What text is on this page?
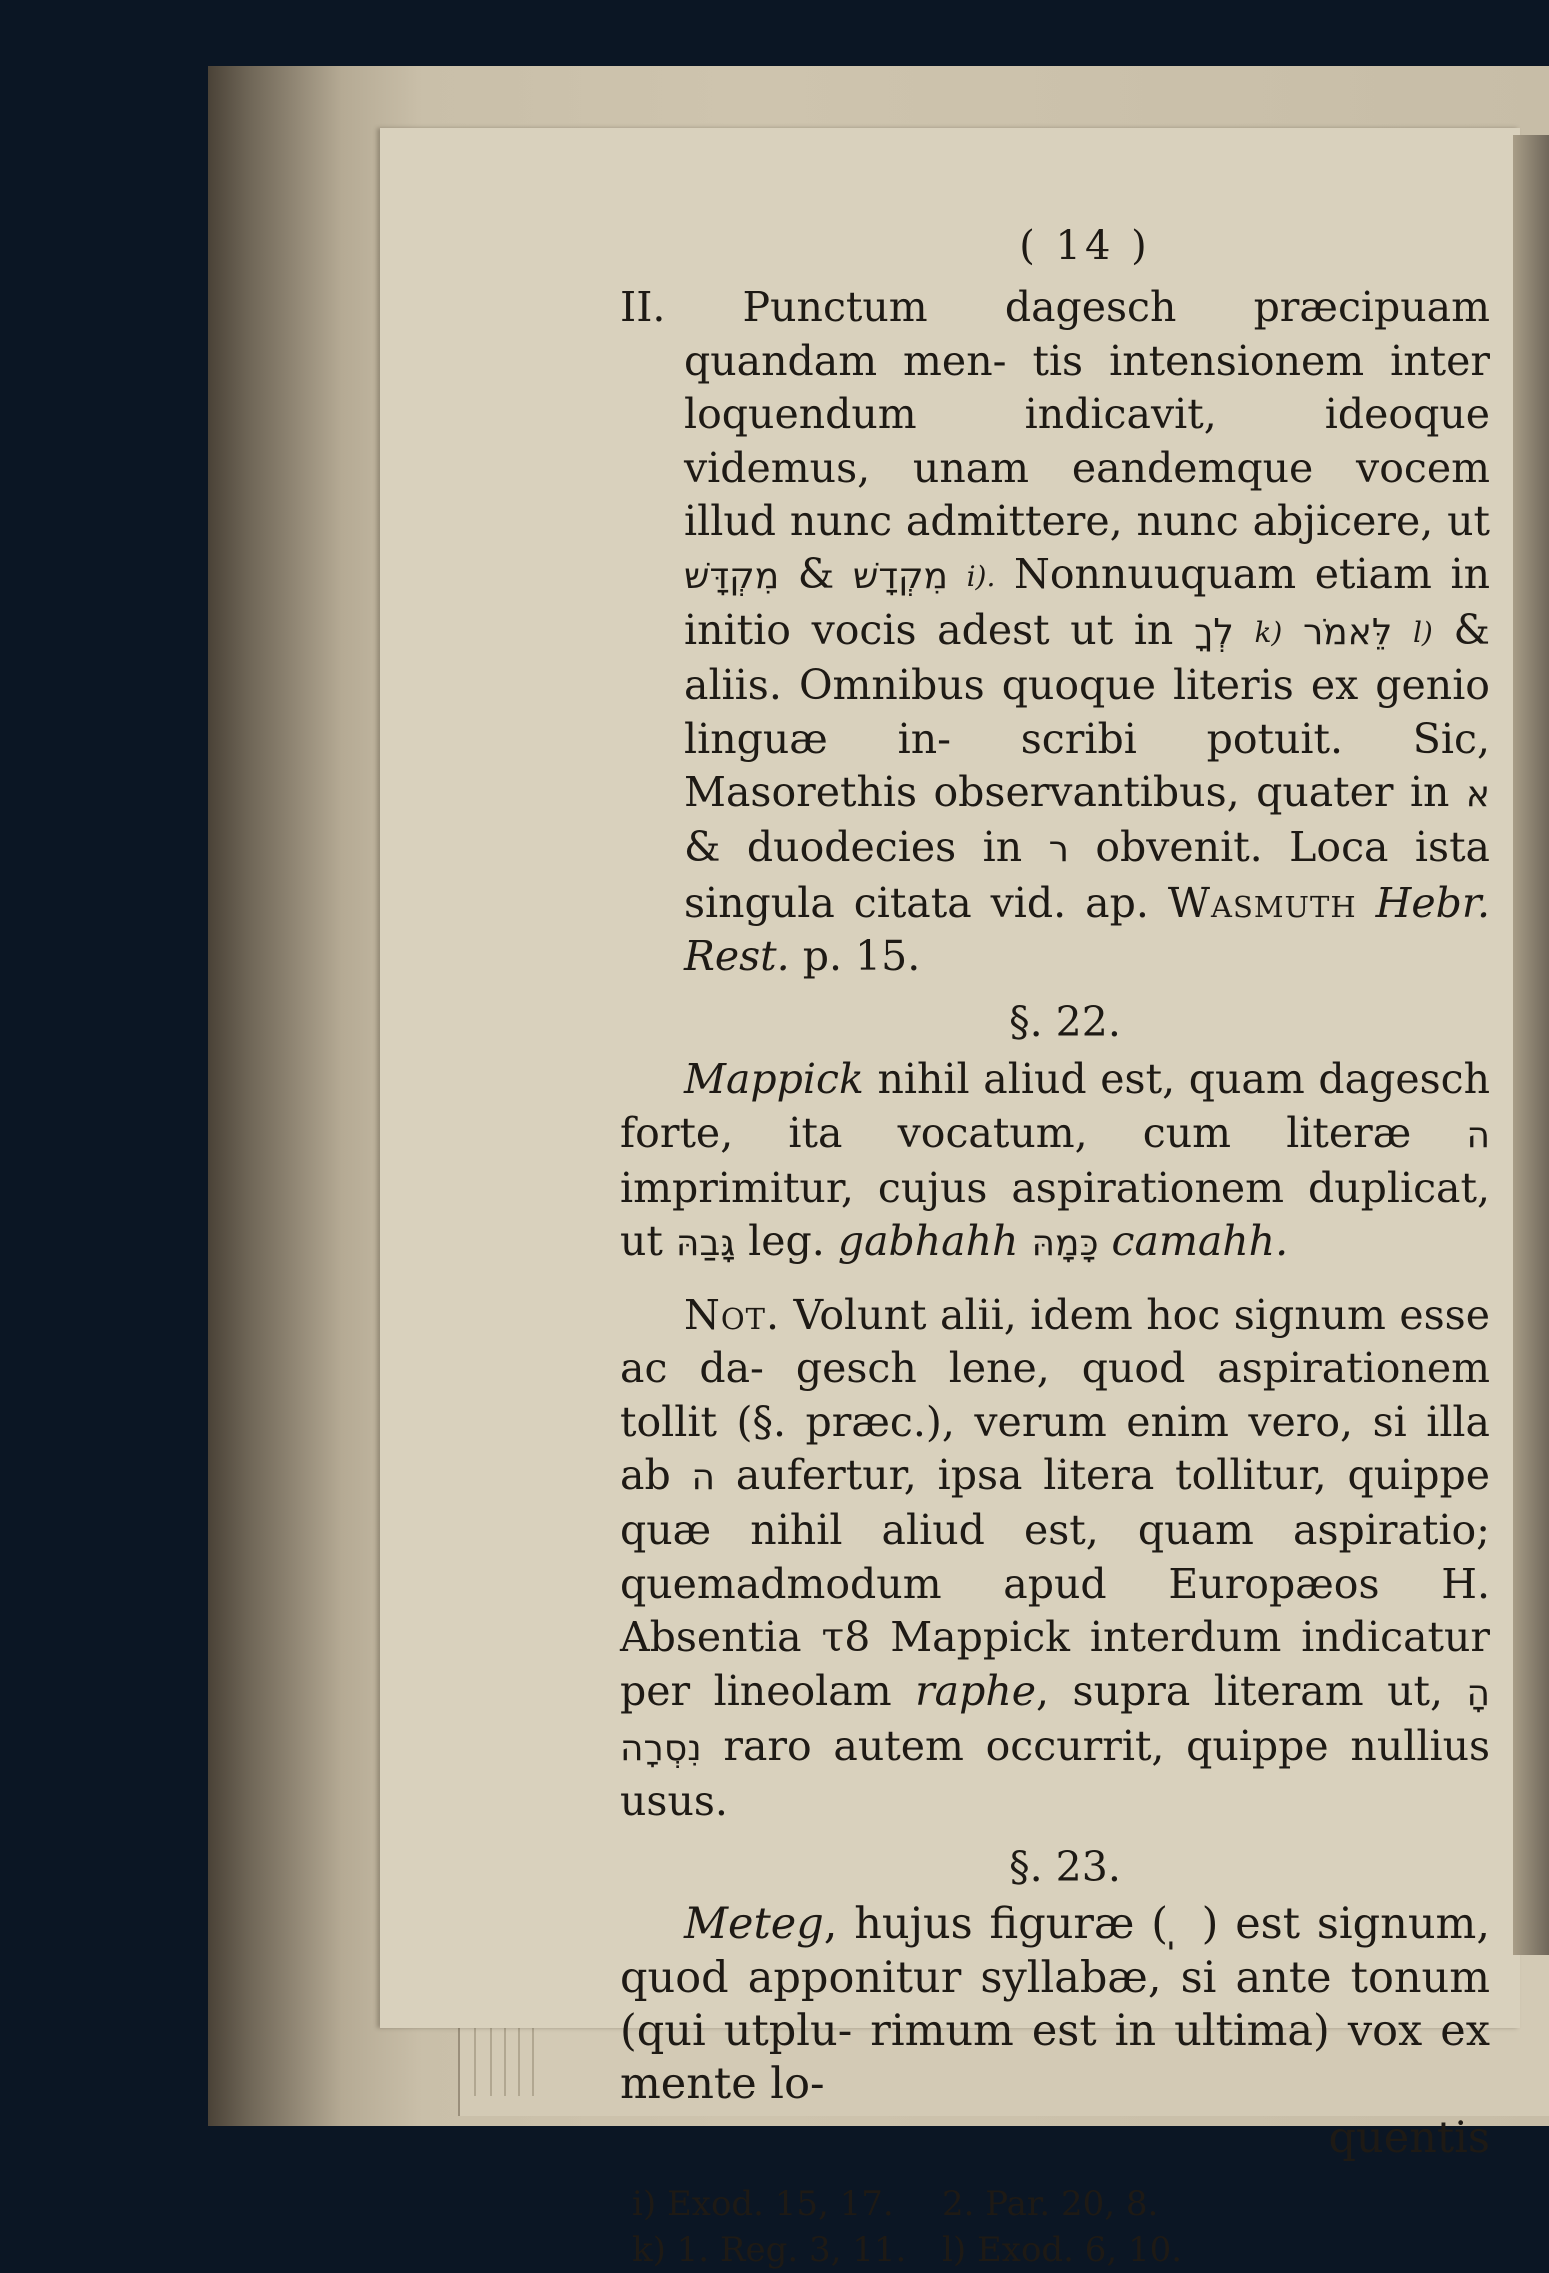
( 14 )

II. Punctum dagesch præcipuam quandam men- tis intensionem inter loquendum indicavit,	ideoque videmus, unam eandemque vocem illud nunc admittere, nunc abjicere, ut מִקְדָּשׁ & מִקְדָשׁ i). Nonnuuquam etiam in initio vocis adest ut in לְךָ k) לֵּאמֹר l) & aliis. Omnibus quoque literis ex genio linguæ in- scribi potuit. Sic, Masorethis observantibus, quater in א & duodecies in ר obvenit. Loca ista singula citata vid. ap. Wasmuth Hebr. Rest. p. 15.

§. 22.

Mappick nihil aliud est, quam dagesch forte, ita vocatum, cum literæ ה imprimitur, cujus aspirationem duplicat, ut גָּבַהּ leg. gabhahh כָּמָהּ camahh.

Not. Volunt alii, idem hoc signum esse ac da- gesch lene, quod aspirationem tollit (§. præc.), verum enim vero, si illa ab ה aufertur, ipsa litera tollitur, quippe quæ nihil aliud est, quam aspiratio; quemadmodum apud Europæos H. Absentia τ8 Mappick interdum indicatur per lineolam raphe, supra literam ut, הָ נִסְרָה raro autem occurrit, quippe nullius usus.

§. 23.

Meteg, hujus figuræ ( ̩ ) est signum, quod apponitur syllabæ, si ante tonum (qui utplu- rimum est in ultima) vox ex mente lo-

quentis

i) Exod. 15, 17. 2. Par. 20, 8.
k) 1. Reg. 3, 11. l) Exod. 6, 10.
